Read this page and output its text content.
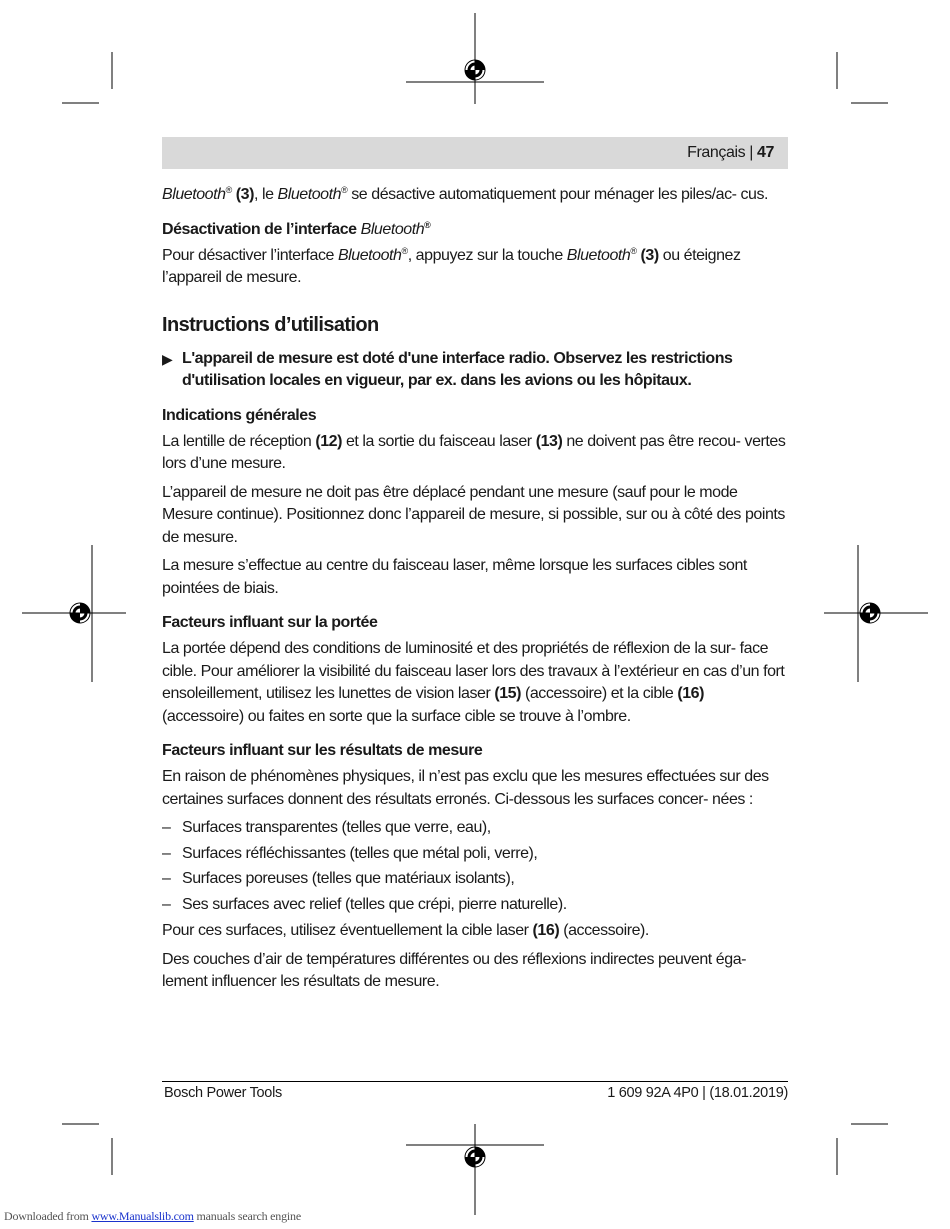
Français | 47

Bluetooth® (3), le Bluetooth® se désactive automatiquement pour ménager les piles/ac- cus.

Désactivation de l’interface Bluetooth®

Pour désactiver l’interface Bluetooth®, appuyez sur la touche Bluetooth® (3) ou éteignez l’appareil de mesure.

Instructions d’utilisation
▶ L'appareil de mesure est doté d'une interface radio. Observez les restrictions d'utilisation locales en vigueur, par ex. dans les avions ou les hôpitaux.
Indications générales

La lentille de réception (12) et la sortie du faisceau laser (13) ne doivent pas être recou- vertes lors d’une mesure.

L’appareil de mesure ne doit pas être déplacé pendant une mesure (sauf pour le mode Mesure continue). Positionnez donc l’appareil de mesure, si possible, sur ou à côté des points de mesure.

La mesure s’effectue au centre du faisceau laser, même lorsque les surfaces cibles sont pointées de biais.

Facteurs influant sur la portée

La portée dépend des conditions de luminosité et des propriétés de réflexion de la sur- face cible. Pour améliorer la visibilité du faisceau laser lors des travaux à l’extérieur en cas d’un fort ensoleillement, utilisez les lunettes de vision laser (15) (accessoire) et la cible (16) (accessoire) ou faites en sorte que la surface cible se trouve à l’ombre.

Facteurs influant sur les résultats de mesure

En raison de phénomènes physiques, il n’est pas exclu que les mesures effectuées sur des certaines surfaces donnent des résultats erronés. Ci-dessous les surfaces concer- nées :

– Surfaces transparentes (telles que verre, eau),
– Surfaces réfléchissantes (telles que métal poli, verre),
– Surfaces poreuses (telles que matériaux isolants),
– Ses surfaces avec relief (telles que crépi, pierre naturelle).

Pour ces surfaces, utilisez éventuellement la cible laser (16) (accessoire).

Des couches d’air de températures différentes ou des réflexions indirectes peuvent éga- lement influencer les résultats de mesure.

Bosch Power Tools	1 609 92A 4P0 | (18.01.2019)
Downloaded from www.Manualslib.com manuals search engine
